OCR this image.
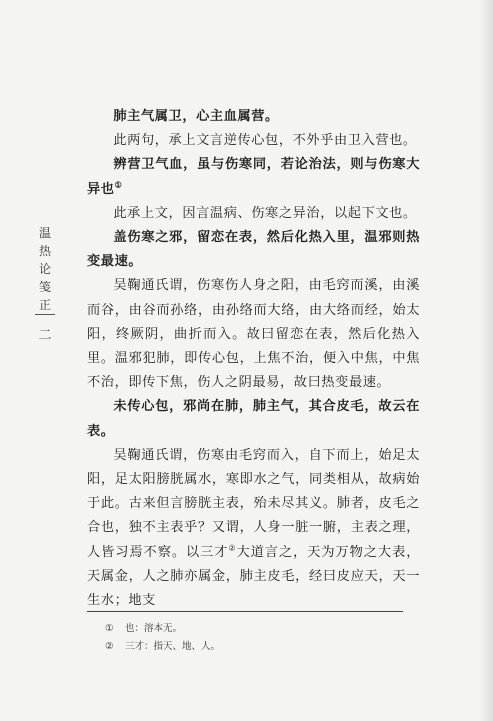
温
热
论
笺
正
二

肺主气属卫，心主血属营。

此两句，承上文言逆传心包，不外乎由卫入营也。

辨营卫气血，虽与伤寒同，若论治法，则与伤寒大异也①

此承上文，因言温病、伤寒之异治，以起下文也。

盖伤寒之邪，留恋在表，然后化热入里，温邪则热变最速。

吴鞠通氏谓，伤寒伤人身之阳，由毛窍而溪，由溪而谷，由谷而孙络，由孙络而大络，由大络而经，始太阳，终厥阴，曲折而入。故曰留恋在表，然后化热入里。温邪犯肺，即传心包，上焦不治，便入中焦，中焦不治，即传下焦，伤人之阴最易，故曰热变最速。

未传心包，邪尚在肺，肺主气，其合皮毛，故云在表。

吴鞠通氏谓，伤寒由毛窍而入，自下而上，始足太阳，足太阳膀胱属水，寒即水之气，同类相从，故病始于此。古来但言膀胱主表，殆未尽其义。肺者，皮毛之合也，独不主表乎？又谓，人身一脏一腑，主表之理，人皆习焉不察。以三才②大道言之，天为万物之大表，天属金，人之肺亦属金，肺主皮毛，经曰皮应天，天一生水；地支

① 也：溶本无。
② 三才：指天、地、人。
